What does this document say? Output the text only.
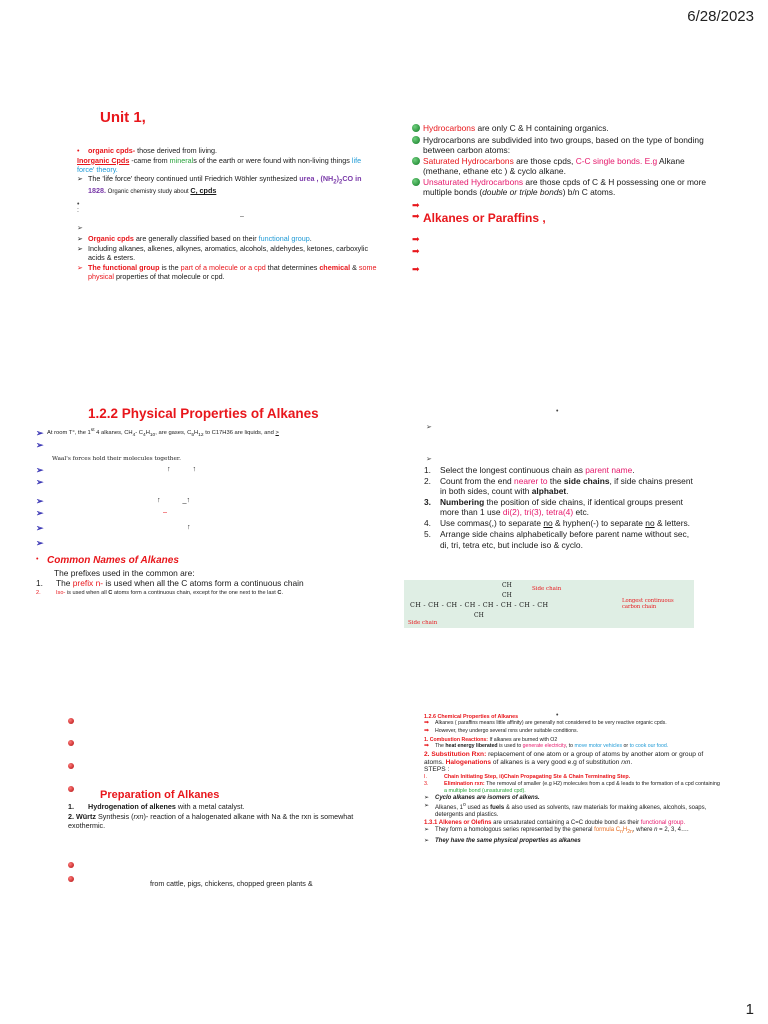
6/28/2023
Unit 1,
•	organic cpds- those derived from living.
Inorganic Cpds -came from minerals of the earth or were found with non-living things life force' theory.
➢ The 'life force' theory continued until Friedrich Wöhler synthesized urea , $(NH_2)_2CO$ in 1828. Organic chemistry study about C, cpds
➢ Organic cpds are generally classified based on their functional group.
➢ Including alkanes, alkenes, alkynes, aromatics, alcohols, aldehydes, ketones, carboxylic acids & esters.
➢ The functional group is the part of a molecule or a cpd that determines chemical & some physical properties of that molecule or cpd.
•
:
–
➢
Hydrocarbons are only C & H containing organics.
Hydrocarbons are subdivided into two groups, based on the type of bonding between carbon atoms:
Saturated Hydrocarbons are those cpds, C-C single bonds. E.g Alkane (methane, ethane etc ) & cyclo alkane.
Unsaturated Hydrocarbons are those cpds of C & H possessing one or more multiple bonds (double or triple bonds) b/n C atoms.
➡
➡ Alkanes or Paraffins ,
➡
➡
➡
1.2.2 Physical Properties of Alkanes
➢ At room T°, the 1st 4 alkanes, $CH_4-$ $C_4H_{10}$, are gases, $C_5H_{12}$ to C17H36 are liquids, and >
➢
Waal's forces hold their molecules together.
➢	↑           ↑
➢
➢	↑           _↑
➢	–
➢	↑
➢
• Common Names of Alkanes
The prefixes used in the common are:
1.	The prefix n- is used when all the C atoms form a continuous chain
2.	Iso- is used when all C atoms form a continuous chain, except for the one next to the last C.
•
➢
➢
1.	Select the longest continuous chain as parent name.
2.	Count from the end nearer to the side chains, if side chains present in both sides, count with alphabet.
3.	Numbering the position of side chains, if identical groups present more than 1 use di(2), tri(3), tetra(4) etc.
4.	Use commas(,) to separate no & hyphen(-) to separate no & letters.
5.	Arrange side chains alphabetically before parent name without sec, di, tri, tetra etc, but include iso & cyclo.
CH
CH
Side chain
CH - CH - CH - CH - CH - CH - CH - CH	Longest continuous carbon chain
Side chain
CH
Preparation of Alkanes
1.	Hydrogenation of alkenes with a metal catalyst.
2. Würtz Synthesis (rxn)- reaction of a halogenated alkane with Na & the rxn is somewhat exothermic.
from cattle, pigs, chickens, chopped green plants &
•
1.2.6 Chemical Properties of Alkanes
➡	Alkanes ( paraffins means little affinity) are generally not considered to be very reactive organic cpds.
➡	However, they undergo several rxns under suitable conditions.
1. Combustion Reactions: If alkanes are burned with O2
➡	The heat energy liberated is used to generate electricity, to move motor vehicles or to cook our food.
2. Substitution Rxn: replacement of one atom or a group of atoms by another atom or group of atoms. Halogenations of alkanes is a very good e.g of substitution rxn.
STEPS :
I.	Chain Initiating Step, ii)Chain Propagating Ste & Chain Terminating Step.
3.	Elimination rxn: The removal of smaller (e.g H2) molecules from a cpd & leads to the formation of a cpd containing a multiple bond (unsaturated cpd).
➢ Cyclo alkanes are isomers of alkens.
➢ Alkanes, 1$^o$ used as fuels & also used as solvents, raw materials for making alkenes, alcohols, soaps, detergents and plastics.
1.3.1 Alkenes or Olefins are unsaturated containing a C=C double bond as their functional group.
➢ They form a homologous series represented by the general formula $C_nH_{2n}$, where n = 2, 3, 4….
➢ They have the same physical properties as alkanes
1
